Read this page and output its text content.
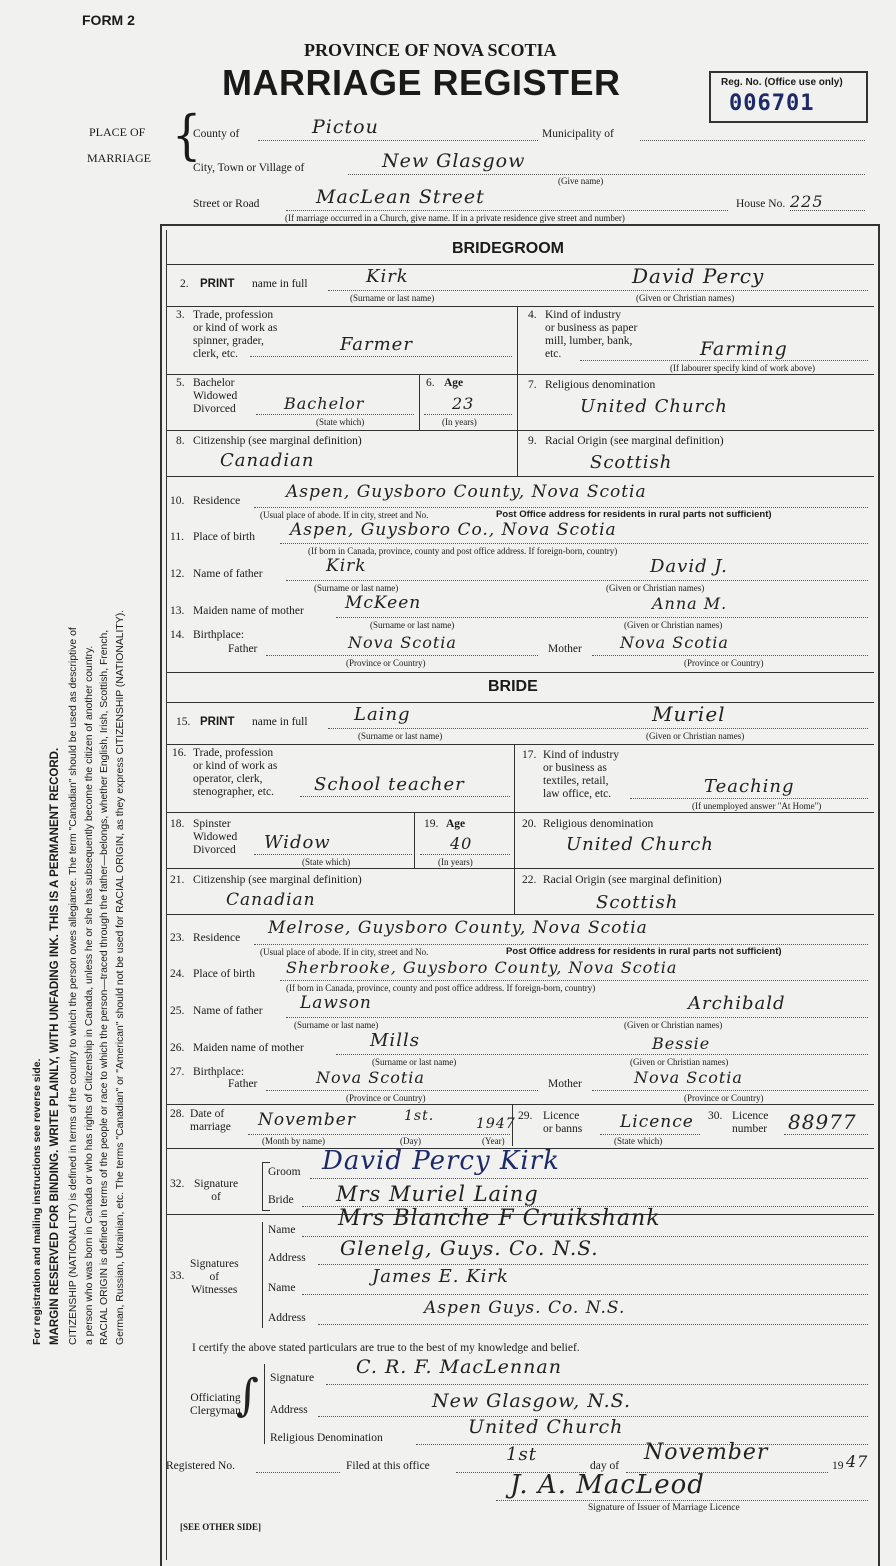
FORM 2
PROVINCE OF NOVA SCOTIA
MARRIAGE REGISTER	Reg. No. (Office use only)
006701
PLACE OF
MARRIAGE {
County of	Pictou	Municipality of
City, Town or Village of	New Glasgow
(Give name)
Street or Road	MacLean Street	House No. 225
(If marriage occurred in a Church, give name. If in a private residence give street and number)
For registration and mailing instructions see reverse side. MARGIN RESERVED FOR BINDING. WRITE PLAINLY, WITH UNFADING INK. THIS IS A PERMANENT RECORD. CITIZENSHIP (NATIONALITY) is defined in terms of the country to which the person owes allegiance. The term "Canadian" should be used as descriptive of a person who was born in Canada or who has rights of Citizenship in Canada, unless he or she has subsequently become the citizen of another country. RACIAL ORIGIN is defined in terms of the people or race to which the person—traced through the father—belongs, whether English, Irish, Scottish, French, German, Russian, Ukrainian, etc. The terms "Canadian" or "American" should not be used for RACIAL ORIGIN, as they express CITIZENSHIP (NATIONALITY).
BRIDEGROOM
2. PRINT name in full	Kirk	David Percy
(Surname or last name)	(Given or Christian names)
3. Trade, profession
or kind of work as
spinner, grader,
clerk, etc.	Farmer
4. Kind of industry
or business as paper
mill, lumber, bank,
etc.	Farming
(If labourer specify kind of work above)
5. Bachelor
Widowed
Divorced	Bachelor
(State which)
6. Age
23
(In years)
7. Religious denomination
United Church
8. Citizenship (see marginal definition)
Canadian
9. Racial Origin (see marginal definition)
Scottish
10. Residence	Aspen, Guysboro County, Nova Scotia
(Usual place of abode. If in city, street and No.	Post Office address for residents in rural parts not sufficient)
11. Place of birth Aspen, Guysboro Co., Nova Scotia
(If born in Canada, province, county and post office address. If foreign-born, country)
12. Name of father	Kirk	David J.
(Surname or last name)	(Given or Christian names)
13. Maiden name of mother McKeen	Anna M.
(Surname or last name)	(Given or Christian names)
14. Birthplace:
Father	Nova Scotia	Mother Nova Scotia
(Province or Country)	(Province or Country)
BRIDE
15. PRINT name in full	Laing	Muriel
(Surname or last name)	(Given or Christian names)
16. Trade, profession
or kind of work as
operator, clerk,
stenographer, etc. School teacher
17. Kind of industry
or business as
textiles, retail,
law office, etc.	Teaching
(If unemployed answer "At Home")
18. Spinster
Widowed
Divorced Widow
(State which)
19. Age
40
(In years)
20. Religious denomination
United Church
21. Citizenship (see marginal definition)
Canadian
22. Racial Origin (see marginal definition)
Scottish
23. Residence Melrose, Guysboro County, Nova Scotia
(Usual place of abode. If in city, street and No.	Post Office address for residents in rural parts not sufficient)
24. Place of birth Sherbrooke, Guysboro County, Nova Scotia
(If born in Canada, province, county and post office address. If foreign-born, country)
25. Name of father Lawson	Archibald
(Surname or last name)	(Given or Christian names)
26. Maiden name of mother	Mills	Bessie
(Surname or last name)	(Given or Christian names)
27. Birthplace:
Father	Nova Scotia	Mother	Nova Scotia
(Province or Country)	(Province or Country)
28. Date of
marriage November	1st.	1947
(Month by name)	(Day)	(Year)
29. Licence
or banns Licence
(State which)
30. Licence
number 88977
32. Signature
of
Groom David Percy Kirk
Bride Mrs Muriel Laing
33.
Signatures
of
Witnesses
Name Mrs Blanche F Cruikshank
Address Glenelg, Guys. Co. N.S.
Name
James E. Kirk
Address	Aspen Guys. Co. N.S.
I certify the above stated particulars are true to the best of my knowledge and belief.
Officiating
Clergyman
Signature C. R. F. MacLennan
Address	New Glasgow, N.S.
Religious Denomination	United Church
∫
Registered No.	Filed at this office
1st
day of
November
19 47
J. A. MacLeod
Signature of Issuer of Marriage Licence
[SEE OTHER SIDE]
